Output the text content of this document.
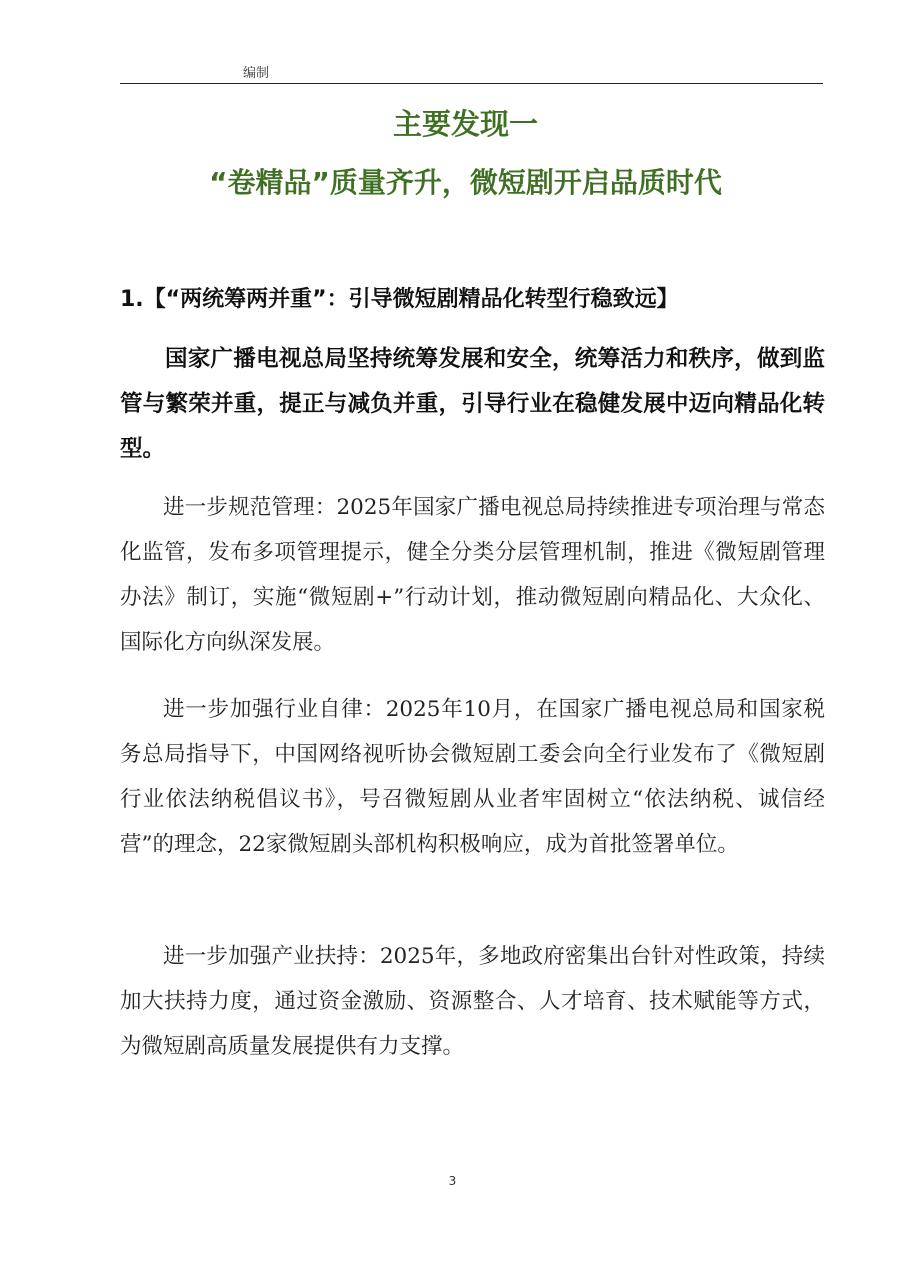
编制
主要发现一
“卷精品”质量齐升，微短剧开启品质时代
1.【“两统筹两并重”：引导微短剧精品化转型行稳致远】

国家广播电视总局坚持统筹发展和安全，统筹活力和秩序，做到监管与繁荣并重，提正与减负并重，引导行业在稳健发展中迈向精品化转型。

进一步规范管理：2025年国家广播电视总局持续推进专项治理与常态化监管，发布多项管理提示，健全分类分层管理机制，推进《微短剧管理办法》制订，实施“微短剧+”行动计划，推动微短剧向精品化、大众化、国际化方向纵深发展。

进一步加强行业自律：2025年10月，在国家广播电视总局和国家税务总局指导下，中国网络视听协会微短剧工委会向全行业发布了《微短剧行业依法纳税倡议书》，号召微短剧从业者牢固树立“依法纳税、诚信经营”的理念，22家微短剧头部机构积极响应，成为首批签署单位。

进一步加强产业扶持：2025年，多地政府密集出台针对性政策，持续加大扶持力度，通过资金激励、资源整合、人才培育、技术赋能等方式，为微短剧高质量发展提供有力支撑。

3
